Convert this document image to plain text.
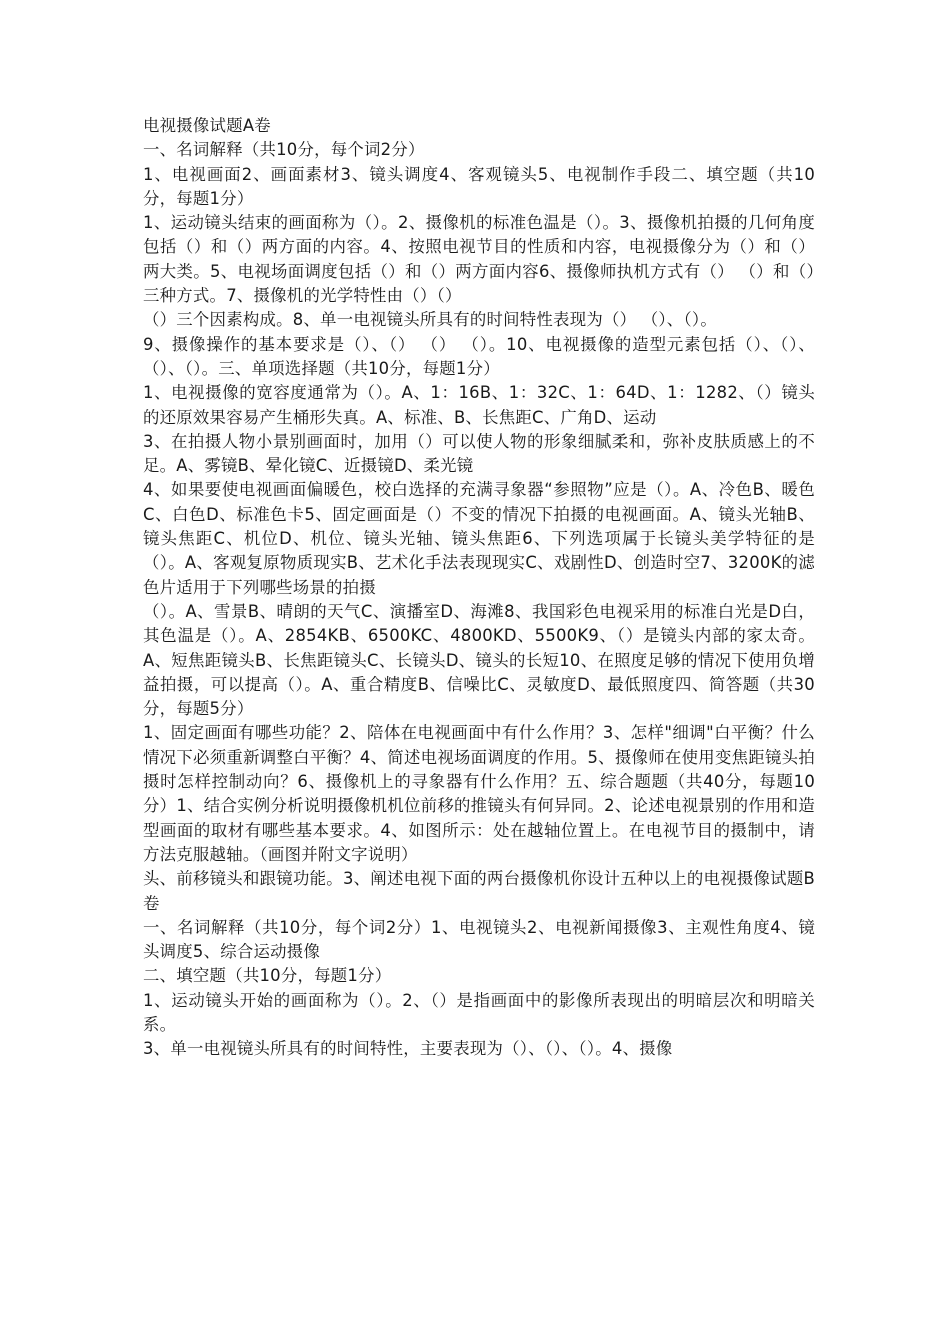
电视摄像试题A卷

一、名词解释（共10分，每个词2分）

1、电视画面2、画面素材3、镜头调度4、客观镜头5、电视制作手段二、填空题（共10分，每题1分）

1、运动镜头结束的画面称为（）。2、摄像机的标准色温是（）。3、摄像机拍摄的几何角度包括（）和（）两方面的内容。4、按照电视节目的性质和内容，电视摄像分为（）和（）两大类。5、电视场面调度包括（）和（）两方面内容6、摄像师执机方式有（） （）和（）三种方式。7、摄像机的光学特性由（）（）

（）三个因素构成。8、单一电视镜头所具有的时间特性表现为（） （）、（）。

9、摄像操作的基本要求是（）、（） （） （）。10、电视摄像的造型元素包括（）、（）、（）、（）。三、单项选择题（共10分，每题1分）

1、电视摄像的宽容度通常为（）。A、1：16B、1：32C、1：64D、1：1282、（）镜头的还原效果容易产生桶形失真。A、标准、B、长焦距C、广角D、运动

3、在拍摄人物小景别画面时，加用（）可以使人物的形象细腻柔和，弥补皮肤质感上的不足。A、雾镜B、晕化镜C、近摄镜D、柔光镜

4、如果要使电视画面偏暖色，校白选择的充满寻象器“参照物”应是（）。A、冷色B、暖色C、白色D、标准色卡5、固定画面是（）不变的情况下拍摄的电视画面。A、镜头光轴B、镜头焦距C、机位D、机位、镜头光轴、镜头焦距6、下列选项属于长镜头美学特征的是（）。A、客观复原物质现实B、艺术化手法表现现实C、戏剧性D、创造时空7、3200K的滤色片适用于下列哪些场景的拍摄

（）。A、雪景B、晴朗的天气C、演播室D、海滩8、我国彩色电视采用的标准白光是D白，其色温是（）。A、2854KB、6500KC、4800KD、5500K9、（）是镜头内部的家太奇。A、短焦距镜头B、长焦距镜头C、长镜头D、镜头的长短10、在照度足够的情况下使用负增益拍摄，可以提高（）。A、重合精度B、信噪比C、灵敏度D、最低照度四、简答题（共30分，每题5分）

1、固定画面有哪些功能？2、陪体在电视画面中有什么作用？3、怎样"细调"白平衡？什么情况下必须重新调整白平衡？4、简述电视场面调度的作用。5、摄像师在使用变焦距镜头拍摄时怎样控制动向？6、摄像机上的寻象器有什么作用？五、综合题题（共40分，每题10分）1、结合实例分析说明摄像机机位前移的推镜头有何异同。2、论述电视景别的作用和造型画面的取材有哪些基本要求。4、如图所示：处在越轴位置上。在电视节目的摄制中，请方法克服越轴。（画图并附文字说明）

头、前移镜头和跟镜功能。3、阐述电视下面的两台摄像机你设计五种以上的电视摄像试题B卷

一、名词解释（共10分，每个词2分）1、电视镜头2、电视新闻摄像3、主观性角度4、镜头调度5、综合运动摄像

二、填空题（共10分，每题1分）

1、运动镜头开始的画面称为（）。2、（）是指画面中的影像所表现出的明暗层次和明暗关系。

3、单一电视镜头所具有的时间特性，主要表现为（）、（）、（）。4、摄像
